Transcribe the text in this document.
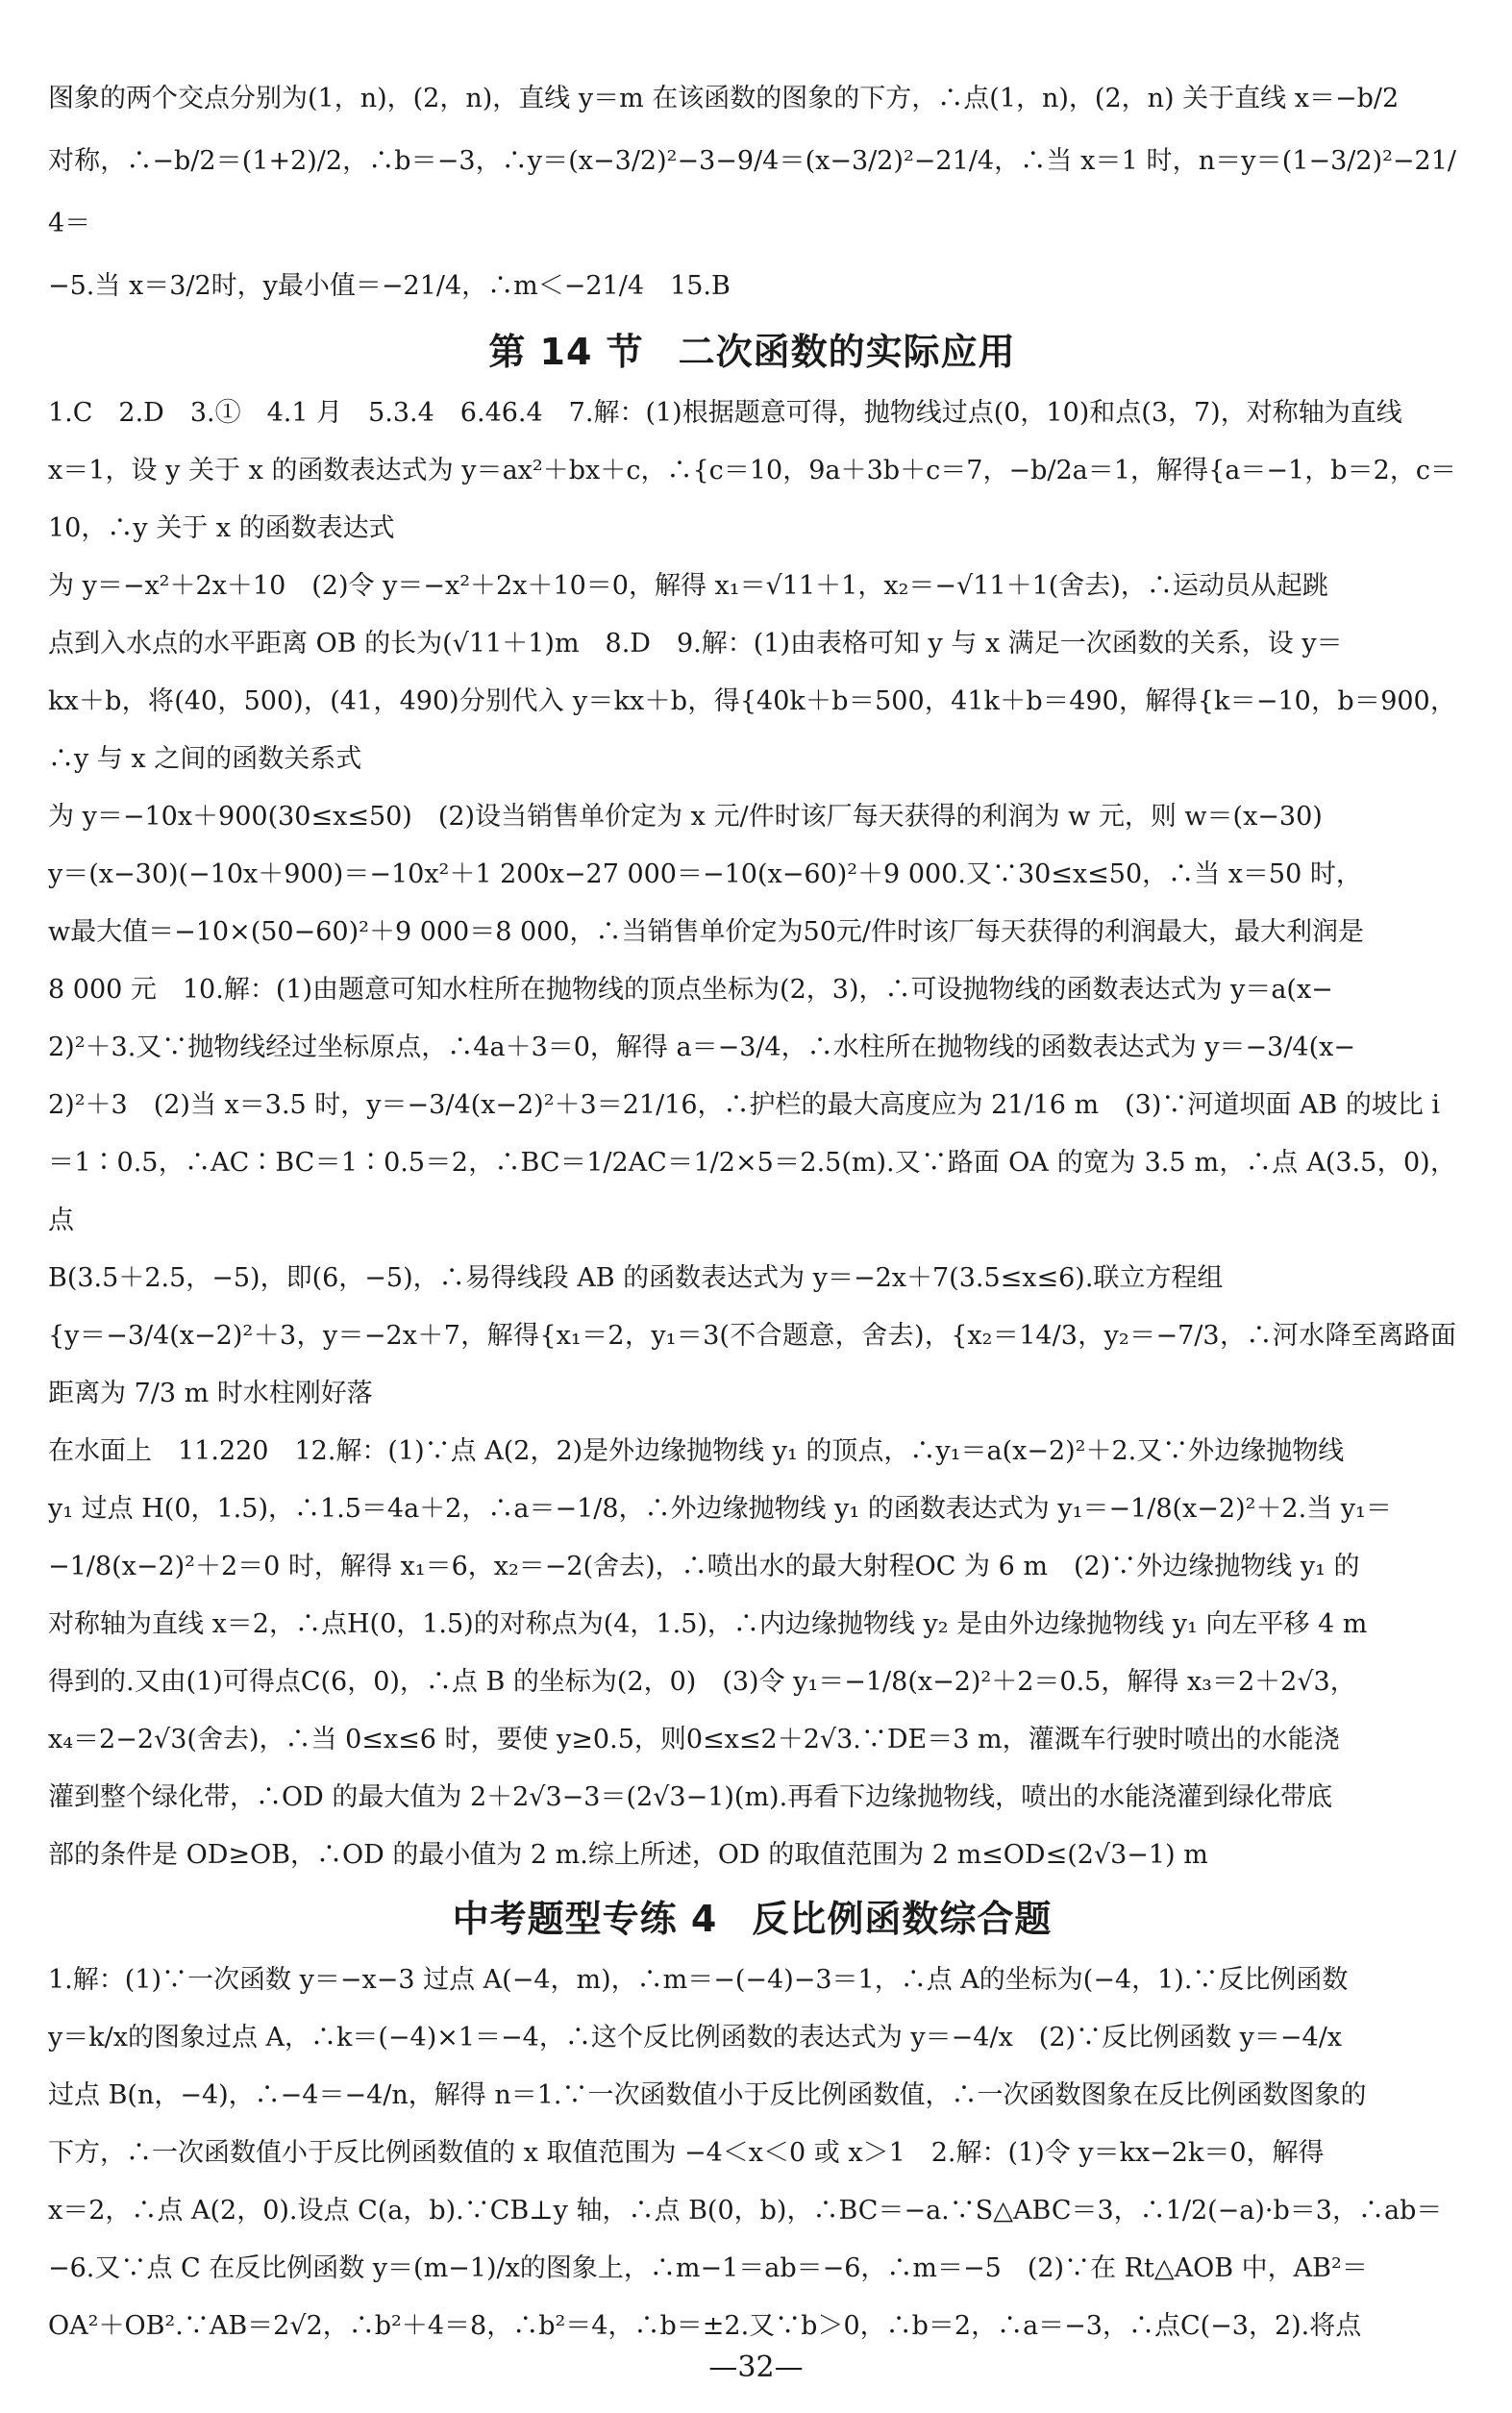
图象的两个交点分别为(1，n)，(2，n)，直线 y＝m 在该函数的图象的下方，∴点(1，n)，(2，n) 关于直线 x＝−b/2

对称，∴−b/2＝(1+2)/2，∴b＝−3，∴y＝(x−3/2)²−3−9/4＝(x−3/2)²−21/4，∴当 x＝1 时，n＝y＝(1−3/2)²−21/4＝

−5.当 x＝3/2时，y最小值＝−21/4，∴m＜−21/4　15.B

第 14 节 二次函数的实际应用

1.C　2.D　3.①　4.1 月　5.3.4　6.46.4　7.解：(1)根据题意可得，抛物线过点(0，10)和点(3，7)，对称轴为直线

x＝1，设 y 关于 x 的函数表达式为 y＝ax²＋bx＋c，∴{c＝10，9a＋3b＋c＝7，−b/2a＝1，解得{a＝−1，b＝2，c＝10，∴y 关于 x 的函数表达式

为 y＝−x²＋2x＋10　(2)令 y＝−x²＋2x＋10＝0，解得 x₁＝√11＋1，x₂＝−√11＋1(舍去)，∴运动员从起跳

点到入水点的水平距离 OB 的长为(√11＋1)m　8.D　9.解：(1)由表格可知 y 与 x 满足一次函数的关系，设 y＝

kx＋b，将(40，500)，(41，490)分别代入 y＝kx＋b，得{40k＋b＝500，41k＋b＝490，解得{k＝−10，b＝900，∴y 与 x 之间的函数关系式

为 y＝−10x＋900(30≤x≤50)　(2)设当销售单价定为 x 元/件时该厂每天获得的利润为 w 元，则 w＝(x−30)

y＝(x−30)(−10x＋900)＝−10x²＋1 200x−27 000＝−10(x−60)²＋9 000.又∵30≤x≤50，∴当 x＝50 时，

w最大值＝−10×(50−60)²＋9 000＝8 000，∴当销售单价定为50元/件时该厂每天获得的利润最大，最大利润是

8 000 元　10.解：(1)由题意可知水柱所在抛物线的顶点坐标为(2，3)，∴可设抛物线的函数表达式为 y＝a(x−

2)²＋3.又∵抛物线经过坐标原点，∴4a＋3＝0，解得 a＝−3/4，∴水柱所在抛物线的函数表达式为 y＝−3/4(x−

2)²＋3　(2)当 x＝3.5 时，y＝−3/4(x−2)²＋3＝21/16，∴护栏的最大高度应为 21/16 m　(3)∵河道坝面 AB 的坡比 i

＝1∶0.5，∴AC∶BC＝1∶0.5＝2，∴BC＝1/2AC＝1/2×5＝2.5(m).又∵路面 OA 的宽为 3.5 m，∴点 A(3.5，0)，点

B(3.5＋2.5，−5)，即(6，−5)，∴易得线段 AB 的函数表达式为 y＝−2x＋7(3.5≤x≤6).联立方程组

{y＝−3/4(x−2)²＋3，y＝−2x＋7，解得{x₁＝2，y₁＝3(不合题意，舍去)，{x₂＝14/3，y₂＝−7/3，∴河水降至离路面距离为 7/3 m 时水柱刚好落

在水面上　11.220　12.解：(1)∵点 A(2，2)是外边缘抛物线 y₁ 的顶点，∴y₁＝a(x−2)²＋2.又∵外边缘抛物线

y₁ 过点 H(0，1.5)，∴1.5＝4a＋2，∴a＝−1/8，∴外边缘抛物线 y₁ 的函数表达式为 y₁＝−1/8(x−2)²＋2.当 y₁＝

−1/8(x−2)²＋2＝0 时，解得 x₁＝6，x₂＝−2(舍去)，∴喷出水的最大射程OC 为 6 m　(2)∵外边缘抛物线 y₁ 的

对称轴为直线 x＝2，∴点H(0，1.5)的对称点为(4，1.5)，∴内边缘抛物线 y₂ 是由外边缘抛物线 y₁ 向左平移 4 m

得到的.又由(1)可得点C(6，0)，∴点 B 的坐标为(2，0)　(3)令 y₁＝−1/8(x−2)²＋2＝0.5，解得 x₃＝2＋2√3，

x₄＝2−2√3(舍去)，∴当 0≤x≤6 时，要使 y≥0.5，则0≤x≤2＋2√3.∵DE＝3 m，灌溉车行驶时喷出的水能浇

灌到整个绿化带，∴OD 的最大值为 2＋2√3−3＝(2√3−1)(m).再看下边缘抛物线，喷出的水能浇灌到绿化带底

部的条件是 OD≥OB，∴OD 的最小值为 2 m.综上所述，OD 的取值范围为 2 m≤OD≤(2√3−1) m

中考题型专练 4 反比例函数综合题

1.解：(1)∵一次函数 y＝−x−3 过点 A(−4，m)，∴m＝−(−4)−3＝1，∴点 A的坐标为(−4，1).∵反比例函数

y＝k/x的图象过点 A，∴k＝(−4)×1＝−4，∴这个反比例函数的表达式为 y＝−4/x　(2)∵反比例函数 y＝−4/x

过点 B(n，−4)，∴−4＝−4/n，解得 n＝1.∵一次函数值小于反比例函数值，∴一次函数图象在反比例函数图象的

下方，∴一次函数值小于反比例函数值的 x 取值范围为 −4＜x＜0 或 x＞1　2.解：(1)令 y＝kx−2k＝0，解得

x＝2，∴点 A(2，0).设点 C(a，b).∵CB⊥y 轴，∴点 B(0，b)，∴BC＝−a.∵S△ABC＝3，∴1/2(−a)·b＝3，∴ab＝

−6.又∵点 C 在反比例函数 y＝(m−1)/x的图象上，∴m−1＝ab＝−6，∴m＝−5　(2)∵在 Rt△AOB 中，AB²＝

OA²＋OB².∵AB＝2√2，∴b²＋4＝8，∴b²＝4，∴b＝±2.又∵b＞0，∴b＝2，∴a＝−3，∴点C(−3，2).将点

—32—
